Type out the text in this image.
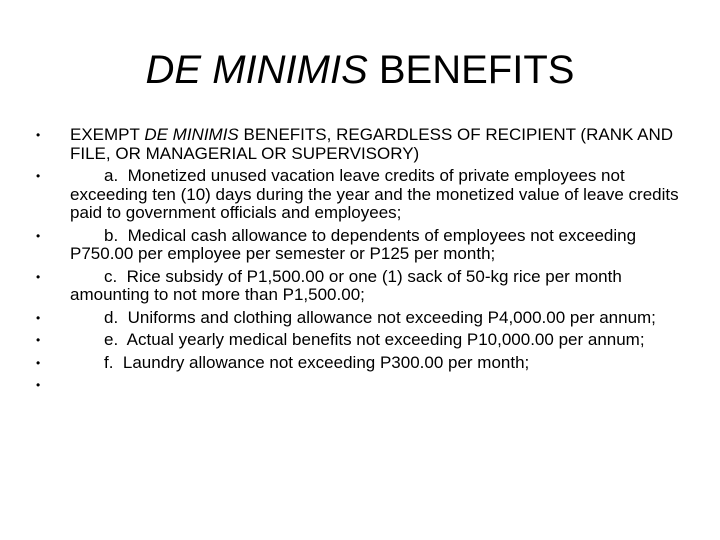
DE MINIMIS BENEFITS
•	EXEMPT DE MINIMIS BENEFITS, REGARDLESS OF RECIPIENT (RANK AND FILE, OR MANAGERIAL OR SUPERVISORY)
•	a.  Monetized unused vacation leave credits of private employees not exceeding ten (10) days during the year and the monetized value of leave credits paid to government officials and employees;
•	b.  Medical cash allowance to dependents of employees not exceeding P750.00 per employee per semester or P125 per month;
•	c.  Rice subsidy of P1,500.00 or one (1) sack of 50-kg rice per month amounting to not more than P1,500.00;
•	d.  Uniforms and clothing allowance not exceeding P4,000.00 per annum;
•	e.  Actual yearly medical benefits not exceeding P10,000.00 per annum;
•	f.  Laundry allowance not exceeding P300.00 per month;
•
